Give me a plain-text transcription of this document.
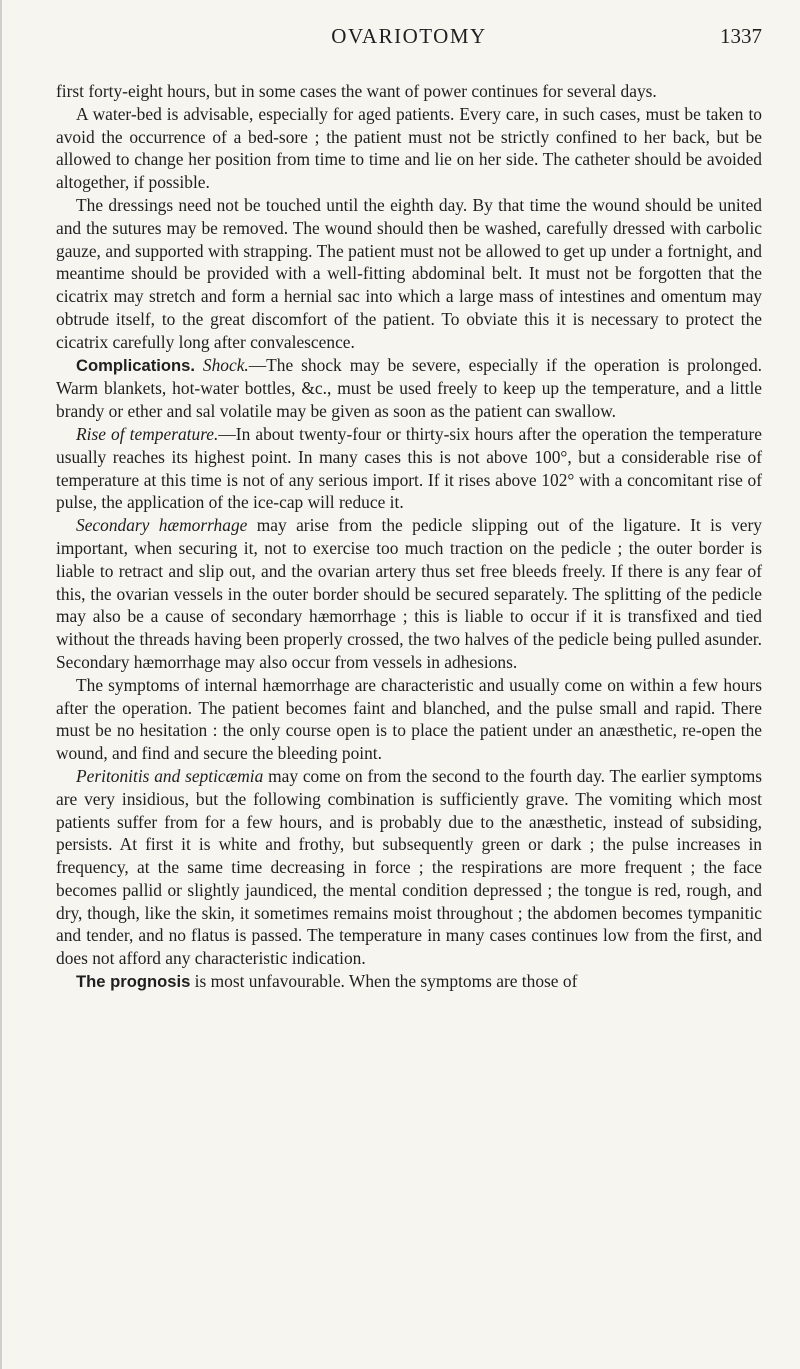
OVARIOTOMY	1337

first forty-eight hours, but in some cases the want of power continues for several days.

A water-bed is advisable, especially for aged patients. Every care, in such cases, must be taken to avoid the occurrence of a bed-sore ; the patient must not be strictly confined to her back, but be allowed to change her position from time to time and lie on her side. The catheter should be avoided altogether, if possible.

The dressings need not be touched until the eighth day. By that time the wound should be united and the sutures may be removed. The wound should then be washed, carefully dressed with carbolic gauze, and supported with strapping. The patient must not be allowed to get up under a fortnight, and meantime should be provided with a well-fitting abdominal belt. It must not be forgotten that the cicatrix may stretch and form a hernial sac into which a large mass of intestines and omentum may obtrude itself, to the great discomfort of the patient. To obviate this it is necessary to protect the cicatrix carefully long after convalescence.

Complications. Shock.—The shock may be severe, especially if the operation is prolonged. Warm blankets, hot-water bottles, &c., must be used freely to keep up the temperature, and a little brandy or ether and sal volatile may be given as soon as the patient can swallow.

Rise of temperature.—In about twenty-four or thirty-six hours after the operation the temperature usually reaches its highest point. In many cases this is not above 100°, but a considerable rise of temperature at this time is not of any serious import. If it rises above 102° with a concomitant rise of pulse, the application of the ice-cap will reduce it.

Secondary hæmorrhage may arise from the pedicle slipping out of the ligature. It is very important, when securing it, not to exercise too much traction on the pedicle ; the outer border is liable to retract and slip out, and the ovarian artery thus set free bleeds freely. If there is any fear of this, the ovarian vessels in the outer border should be secured separately. The splitting of the pedicle may also be a cause of secondary hæmorrhage ; this is liable to occur if it is transfixed and tied without the threads having been properly crossed, the two halves of the pedicle being pulled asunder. Secondary hæmorrhage may also occur from vessels in adhesions.

The symptoms of internal hæmorrhage are characteristic and usually come on within a few hours after the operation. The patient becomes faint and blanched, and the pulse small and rapid. There must be no hesitation : the only course open is to place the patient under an anæsthetic, re-open the wound, and find and secure the bleeding point.

Peritonitis and septicæmia may come on from the second to the fourth day. The earlier symptoms are very insidious, but the following combination is sufficiently grave. The vomiting which most patients suffer from for a few hours, and is probably due to the anæsthetic, instead of subsiding, persists. At first it is white and frothy, but subsequently green or dark ; the pulse increases in frequency, at the same time decreasing in force ; the respirations are more frequent ; the face becomes pallid or slightly jaundiced, the mental condition depressed ; the tongue is red, rough, and dry, though, like the skin, it sometimes remains moist throughout ; the abdomen becomes tympanitic and tender, and no flatus is passed. The temperature in many cases continues low from the first, and does not afford any characteristic indication.

The prognosis is most unfavourable. When the symptoms are those of
